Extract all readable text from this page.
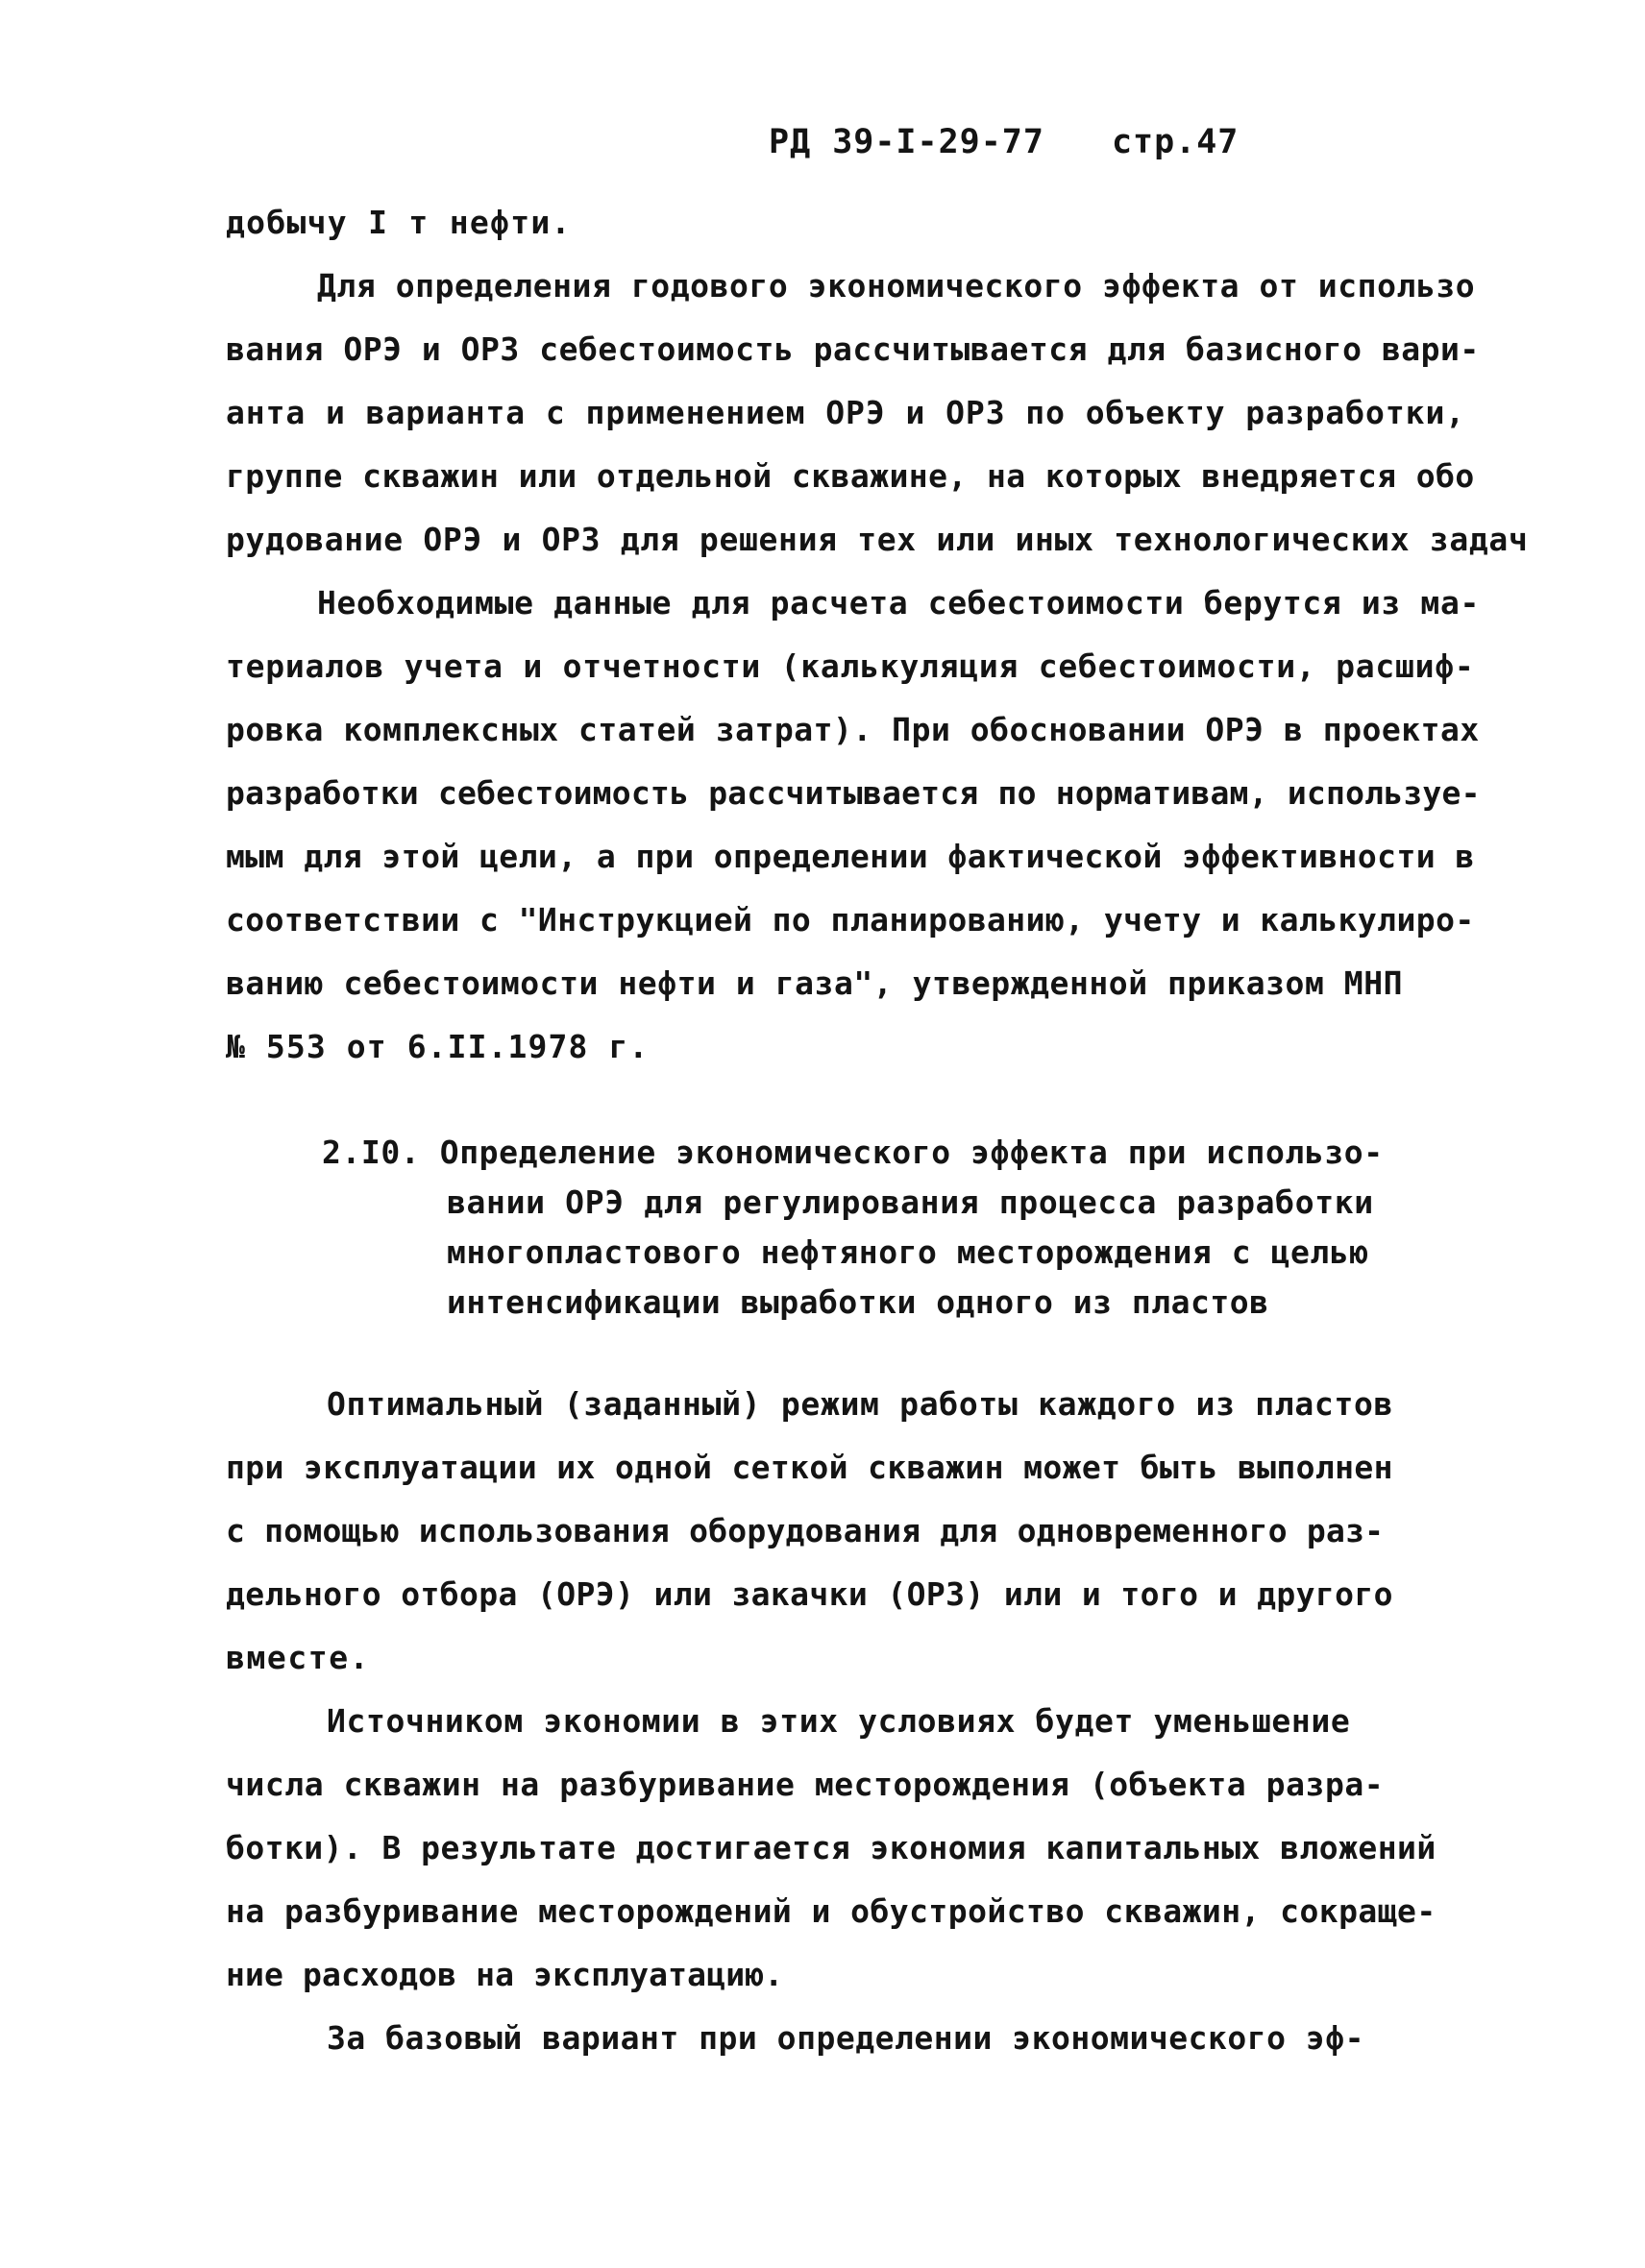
РД 39-I-29-77 стр.47
добычу I т нефти.
Для определения годового экономического эффекта от использо
вания ОРЭ и ОРЗ себестоимость рассчитывается для базисного вари-
анта и варианта с применением ОРЭ и ОРЗ по объекту разработки,
группе скважин или отдельной скважине, на которых внедряется обо
рудование ОРЭ и ОРЗ для решения тех или иных технологических задач
Необходимые данные для расчета себестоимости берутся из ма-
териалов учета и отчетности (калькуляция себестоимости, расшиф-
ровка комплексных статей затрат). При обосновании ОРЭ в проектах
разработки себестоимость рассчитывается по нормативам, используе-
мым для этой цели, а при определении фактической эффективности в
соответствии с "Инструкцией по планированию, учету и калькулиро-
ванию себестоимости нефти и газа", утвержденной приказом МНП
№ 553 от 6.II.1978 г.
2.I0. Определение экономического эффекта при использо-
вании ОРЭ для регулирования процесса разработки
многопластового нефтяного месторождения с целью
интенсификации выработки одного из пластов
Оптимальный (заданный) режим работы каждого из пластов
при эксплуатации их одной сеткой скважин может быть выполнен
с помощью использования оборудования для одновременного раз-
дельного отбора (ОРЭ) или закачки (ОРЗ) или и того и другого
вместе.
Источником экономии в этих условиях будет уменьшение
числа скважин на разбуривание месторождения (объекта разра-
ботки). В результате достигается экономия капитальных вложений
на разбуривание месторождений и обустройство скважин, сокраще-
ние расходов на эксплуатацию.
За базовый вариант при определении экономического эф-
